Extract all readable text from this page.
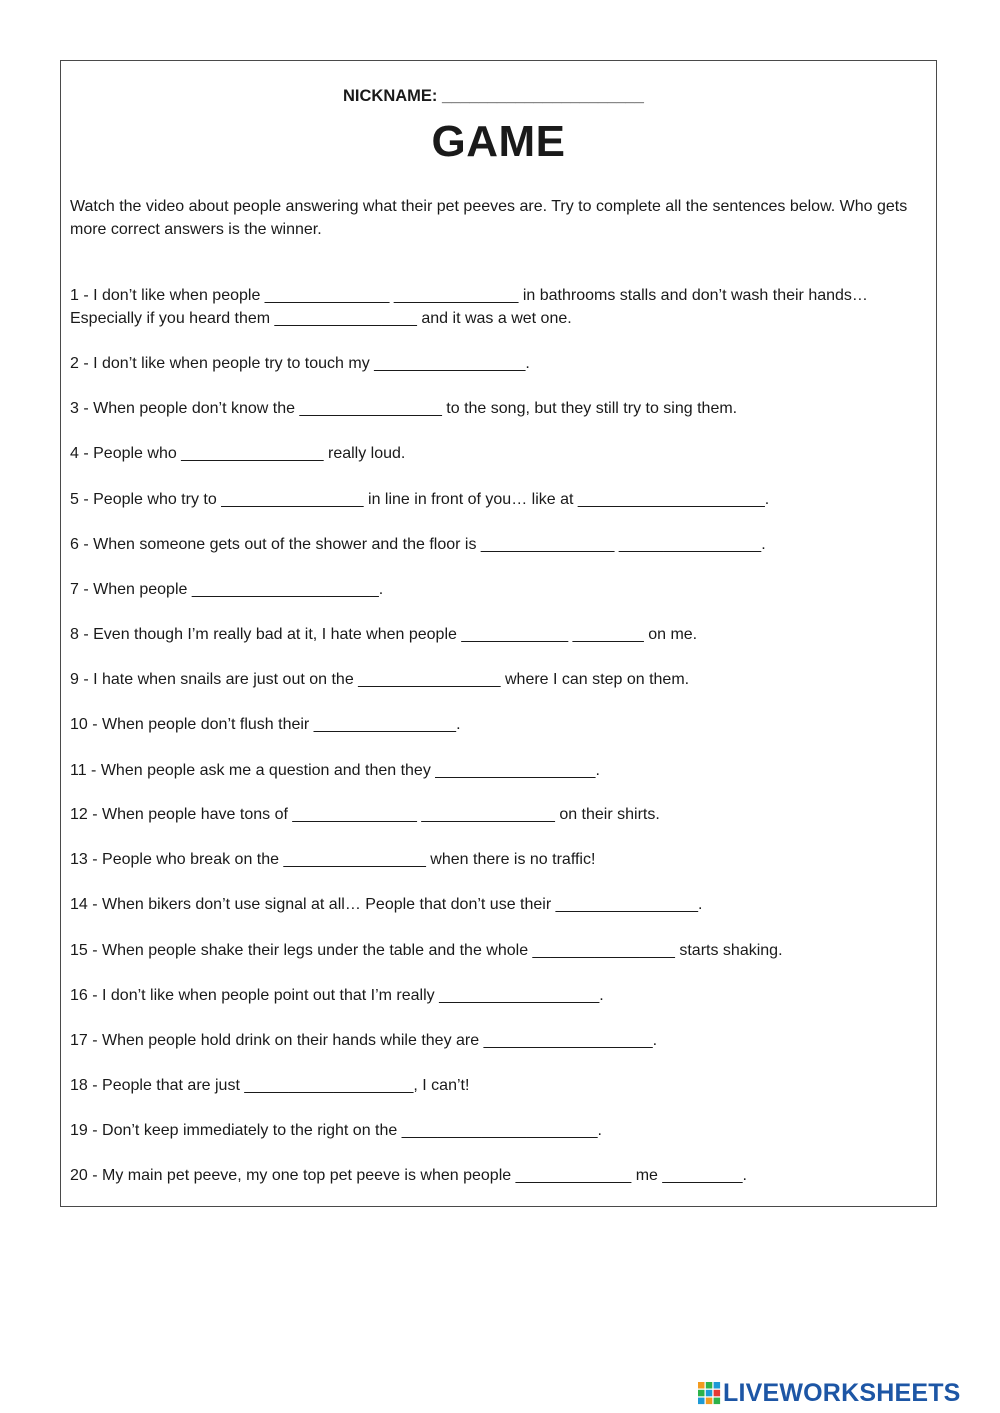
NICKNAME: ______________________
GAME
Watch the video about people answering what their pet peeves are. Try to complete all the sentences below. Who gets more correct answers is the winner.
1 - I don’t like when people ______________ ______________ in bathrooms stalls and don’t wash their hands…
Especially if you heard them ________________ and it was a wet one.
2 - I don’t like when people try to touch my _________________.
3 - When people don’t know the ________________ to the song, but they still try to sing them.
4 - People who ________________ really loud.
5 - People who try to ________________ in line in front of you… like at _____________________.
6 - When someone gets out of the shower and the floor is _______________ ________________.
7 - When people _____________________.
8 - Even though I’m really bad at it, I hate when people ____________ ________ on me.
9 - I hate when snails are just out on the ________________ where I can step on them.
10 - When people don’t flush their ________________.
11 - When people ask me a question and then they __________________.
12 - When people have tons of ______________ _______________ on their shirts.
13 - People who break on the ________________ when there is no traffic!
14 - When bikers don’t use signal at all… People that don’t use their ________________.
15 - When people shake their legs under the table and the whole ________________ starts shaking.
16 - I don’t like when people point out that I’m really __________________.
17 - When people hold drink on their hands while they are ___________________.
18 - People that are just ___________________, I can’t!
19 - Don’t keep immediately to the right on the ______________________.
20 - My main pet peeve, my one top pet peeve is when people _____________ me _________.
LIVEWORKSHEETS
